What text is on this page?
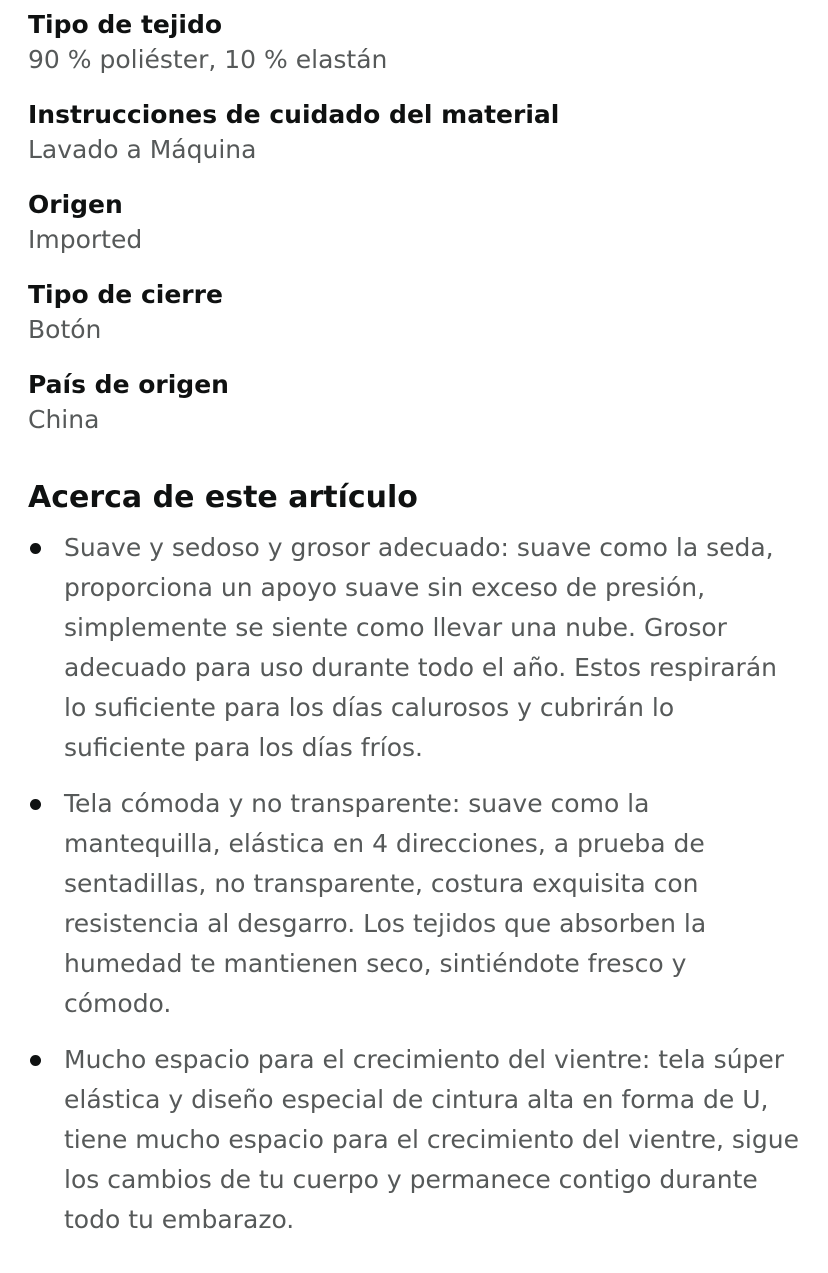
Tipo de tejido
90 % poliéster, 10 % elastán
Instrucciones de cuidado del material
Lavado a Máquina
Origen
Imported
Tipo de cierre
Botón
País de origen
China
Acerca de este artículo
Suave y sedoso y grosor adecuado: suave como la seda, proporciona un apoyo suave sin exceso de presión, simplemente se siente como llevar una nube. Grosor adecuado para uso durante todo el año. Estos respirarán lo suficiente para los días calurosos y cubrirán lo suficiente para los días fríos.
Tela cómoda y no transparente: suave como la mantequilla, elástica en 4 direcciones, a prueba de sentadillas, no transparente, costura exquisita con resistencia al desgarro. Los tejidos que absorben la humedad te mantienen seco, sintiéndote fresco y cómodo.
Mucho espacio para el crecimiento del vientre: tela súper elástica y diseño especial de cintura alta en forma de U, tiene mucho espacio para el crecimiento del vientre, sigue los cambios de tu cuerpo y permanece contigo durante todo tu embarazo.
